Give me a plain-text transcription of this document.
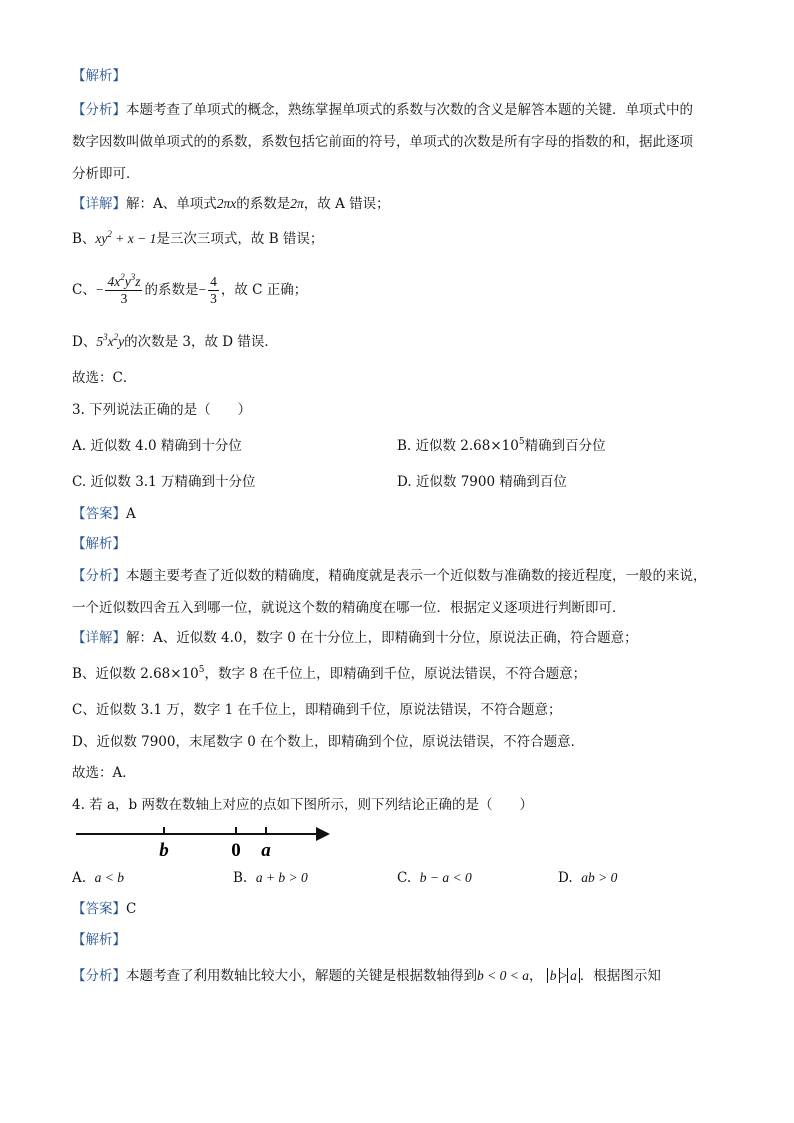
【解析】
【分析】本题考查了单项式的概念，熟练掌握单项式的系数与次数的含义是解答本题的关键．单项式中的
数字因数叫做单项式的的系数，系数包括它前面的符号，单项式的次数是所有字母的指数的和，据此逐项
分析即可．
【详解】解：A、单项式2πx的系数是2π，故 A 错误；
B、$xy^2 + x - 1$是三次三项式，故 B 错误；
C、− $\frac{4x^2y^3z}{3}$ 的系数是− $\frac{4}{3}$ ，故 C 正确；
D、$5^3x^2y$的次数是 3，故 D 错误．
故选：C．
3. 下列说法正确的是（　　）
A. 近似数 4.0 精确到十分位	B. 近似数 $2.68\times 10^5$精确到百分位
C. 近似数 3.1 万精确到十分位	D. 近似数 7900 精确到百位
【答案】A
【解析】
【分析】本题主要考查了近似数的精确度，精确度就是表示一个近似数与准确数的接近程度，一般的来说，
一个近似数四舍五入到哪一位，就说这个数的精确度在哪一位．根据定义逐项进行判断即可．
【详解】解：A、近似数 4.0，数字 0 在十分位上，即精确到十分位，原说法正确，符合题意；
B、近似数 $2.68\times 10^5$，数字 8 在千位上，即精确到千位，原说法错误，不符合题意；
C、近似数 3.1 万，数字 1 在千位上，即精确到千位，原说法错误，不符合题意；
D、近似数 7900，末尾数字 0 在个数上，即精确到个位，原说法错误，不符合题意．
故选：A．
4. 若 a，b 两数在数轴上对应的点如下图所示，则下列结论正确的是（　　）
b	0 a
A. a < b	B. a + b > 0	C. b − a < 0	D. ab > 0
【答案】C
【解析】
【分析】本题考查了利用数轴比较大小，解题的关键是根据数轴得到b < 0 < a， b > a ．根据图示知
